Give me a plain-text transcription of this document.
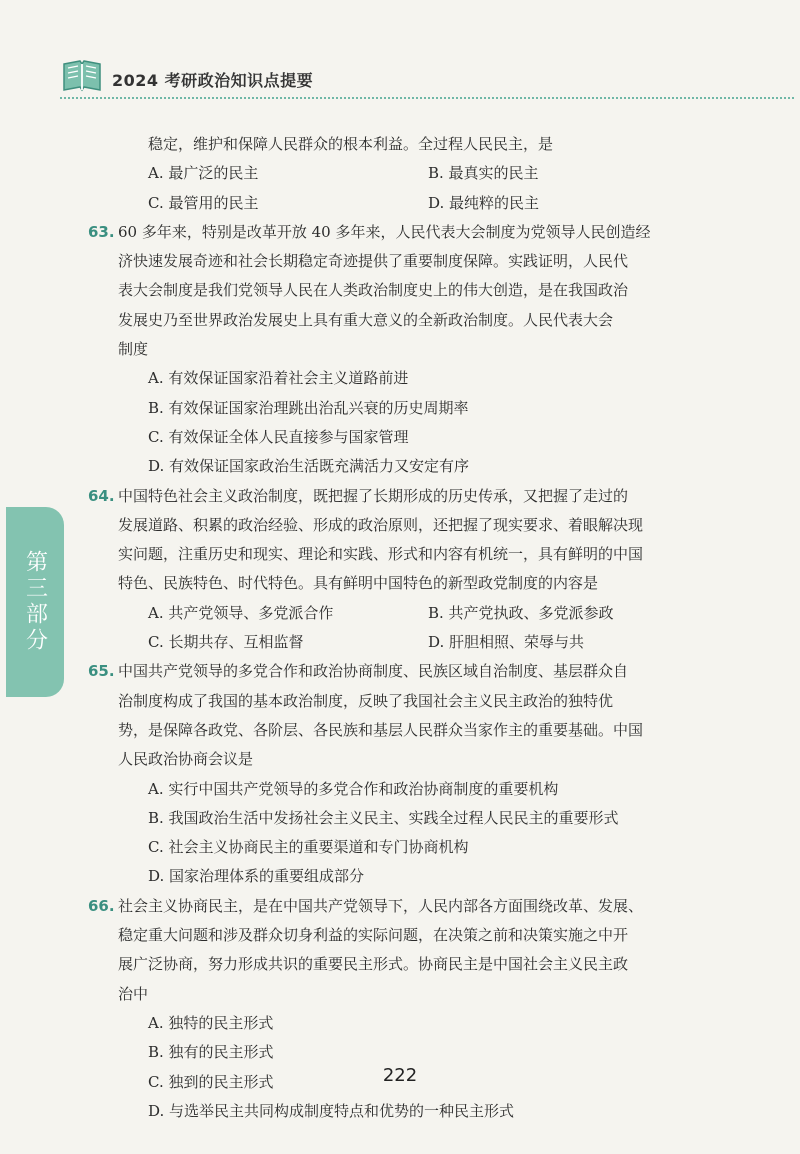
2024 考研政治知识点提要
第三部分
稳定，维护和保障人民群众的根本利益。全过程人民民主，是
A. 最广泛的民主	B. 最真实的民主
C. 最管用的民主	D. 最纯粹的民主
63. 60 多年来，特别是改革开放 40 多年来，人民代表大会制度为党领导人民创造经
济快速发展奇迹和社会长期稳定奇迹提供了重要制度保障。实践证明，人民代
表大会制度是我们党领导人民在人类政治制度史上的伟大创造，是在我国政治
发展史乃至世界政治发展史上具有重大意义的全新政治制度。人民代表大会
制度
A. 有效保证国家沿着社会主义道路前进
B. 有效保证国家治理跳出治乱兴衰的历史周期率
C. 有效保证全体人民直接参与国家管理
D. 有效保证国家政治生活既充满活力又安定有序
64. 中国特色社会主义政治制度，既把握了长期形成的历史传承，又把握了走过的
发展道路、积累的政治经验、形成的政治原则，还把握了现实要求、着眼解决现
实问题，注重历史和现实、理论和实践、形式和内容有机统一，具有鲜明的中国
特色、民族特色、时代特色。具有鲜明中国特色的新型政党制度的内容是
A. 共产党领导、多党派合作	B. 共产党执政、多党派参政
C. 长期共存、互相监督	D. 肝胆相照、荣辱与共
65. 中国共产党领导的多党合作和政治协商制度、民族区域自治制度、基层群众自
治制度构成了我国的基本政治制度，反映了我国社会主义民主政治的独特优
势，是保障各政党、各阶层、各民族和基层人民群众当家作主的重要基础。中国
人民政治协商会议是
A. 实行中国共产党领导的多党合作和政治协商制度的重要机构
B. 我国政治生活中发扬社会主义民主、实践全过程人民民主的重要形式
C. 社会主义协商民主的重要渠道和专门协商机构
D. 国家治理体系的重要组成部分
66. 社会主义协商民主，是在中国共产党领导下，人民内部各方面围绕改革、发展、
稳定重大问题和涉及群众切身利益的实际问题，在决策之前和决策实施之中开
展广泛协商，努力形成共识的重要民主形式。协商民主是中国社会主义民主政
治中
A. 独特的民主形式
B. 独有的民主形式
C. 独到的民主形式
D. 与选举民主共同构成制度特点和优势的一种民主形式
222
